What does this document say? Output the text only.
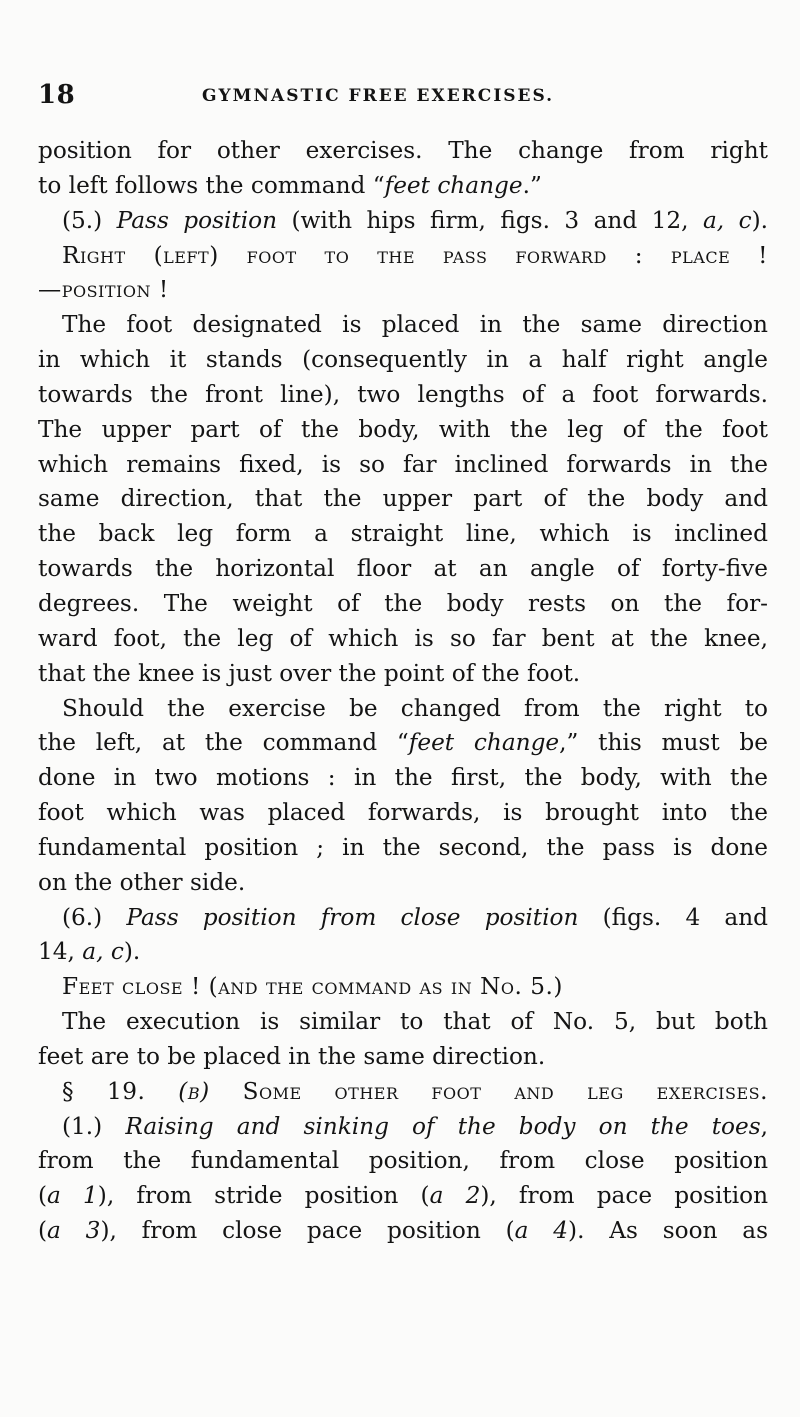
18	GYMNASTIC FREE EXERCISES.
position for other exercises. The change from right
to left follows the command “feet change.”
(5.) Pass position (with hips firm, figs. 3 and 12, a, c).
Right (left) foot to the pass forward : place !
—position !
The foot designated is placed in the same direction
in which it stands (consequently in a half right angle
towards the front line), two lengths of a foot forwards.
The upper part of the body, with the leg of the foot
which remains fixed, is so far inclined forwards in the
same direction, that the upper part of the body and
the back leg form a straight line, which is inclined
towards the horizontal floor at an angle of forty-five
degrees. The weight of the body rests on the for-
ward foot, the leg of which is so far bent at the knee,
that the knee is just over the point of the foot.
Should the exercise be changed from the right to
the left, at the command “feet change,” this must be
done in two motions : in the first, the body, with the
foot which was placed forwards, is brought into the
fundamental position ; in the second, the pass is done
on the other side.
(6.) Pass position from close position (figs. 4 and
14, a, c).
Feet close ! (and the command as in No. 5.)
The execution is similar to that of No. 5, but both
feet are to be placed in the same direction.
§ 19. (b) Some other foot and leg exercises.
(1.) Raising and sinking of the body on the toes,
from the fundamental position, from close position
(a 1), from stride position (a 2), from pace position
(a 3), from close pace position (a 4). As soon as
